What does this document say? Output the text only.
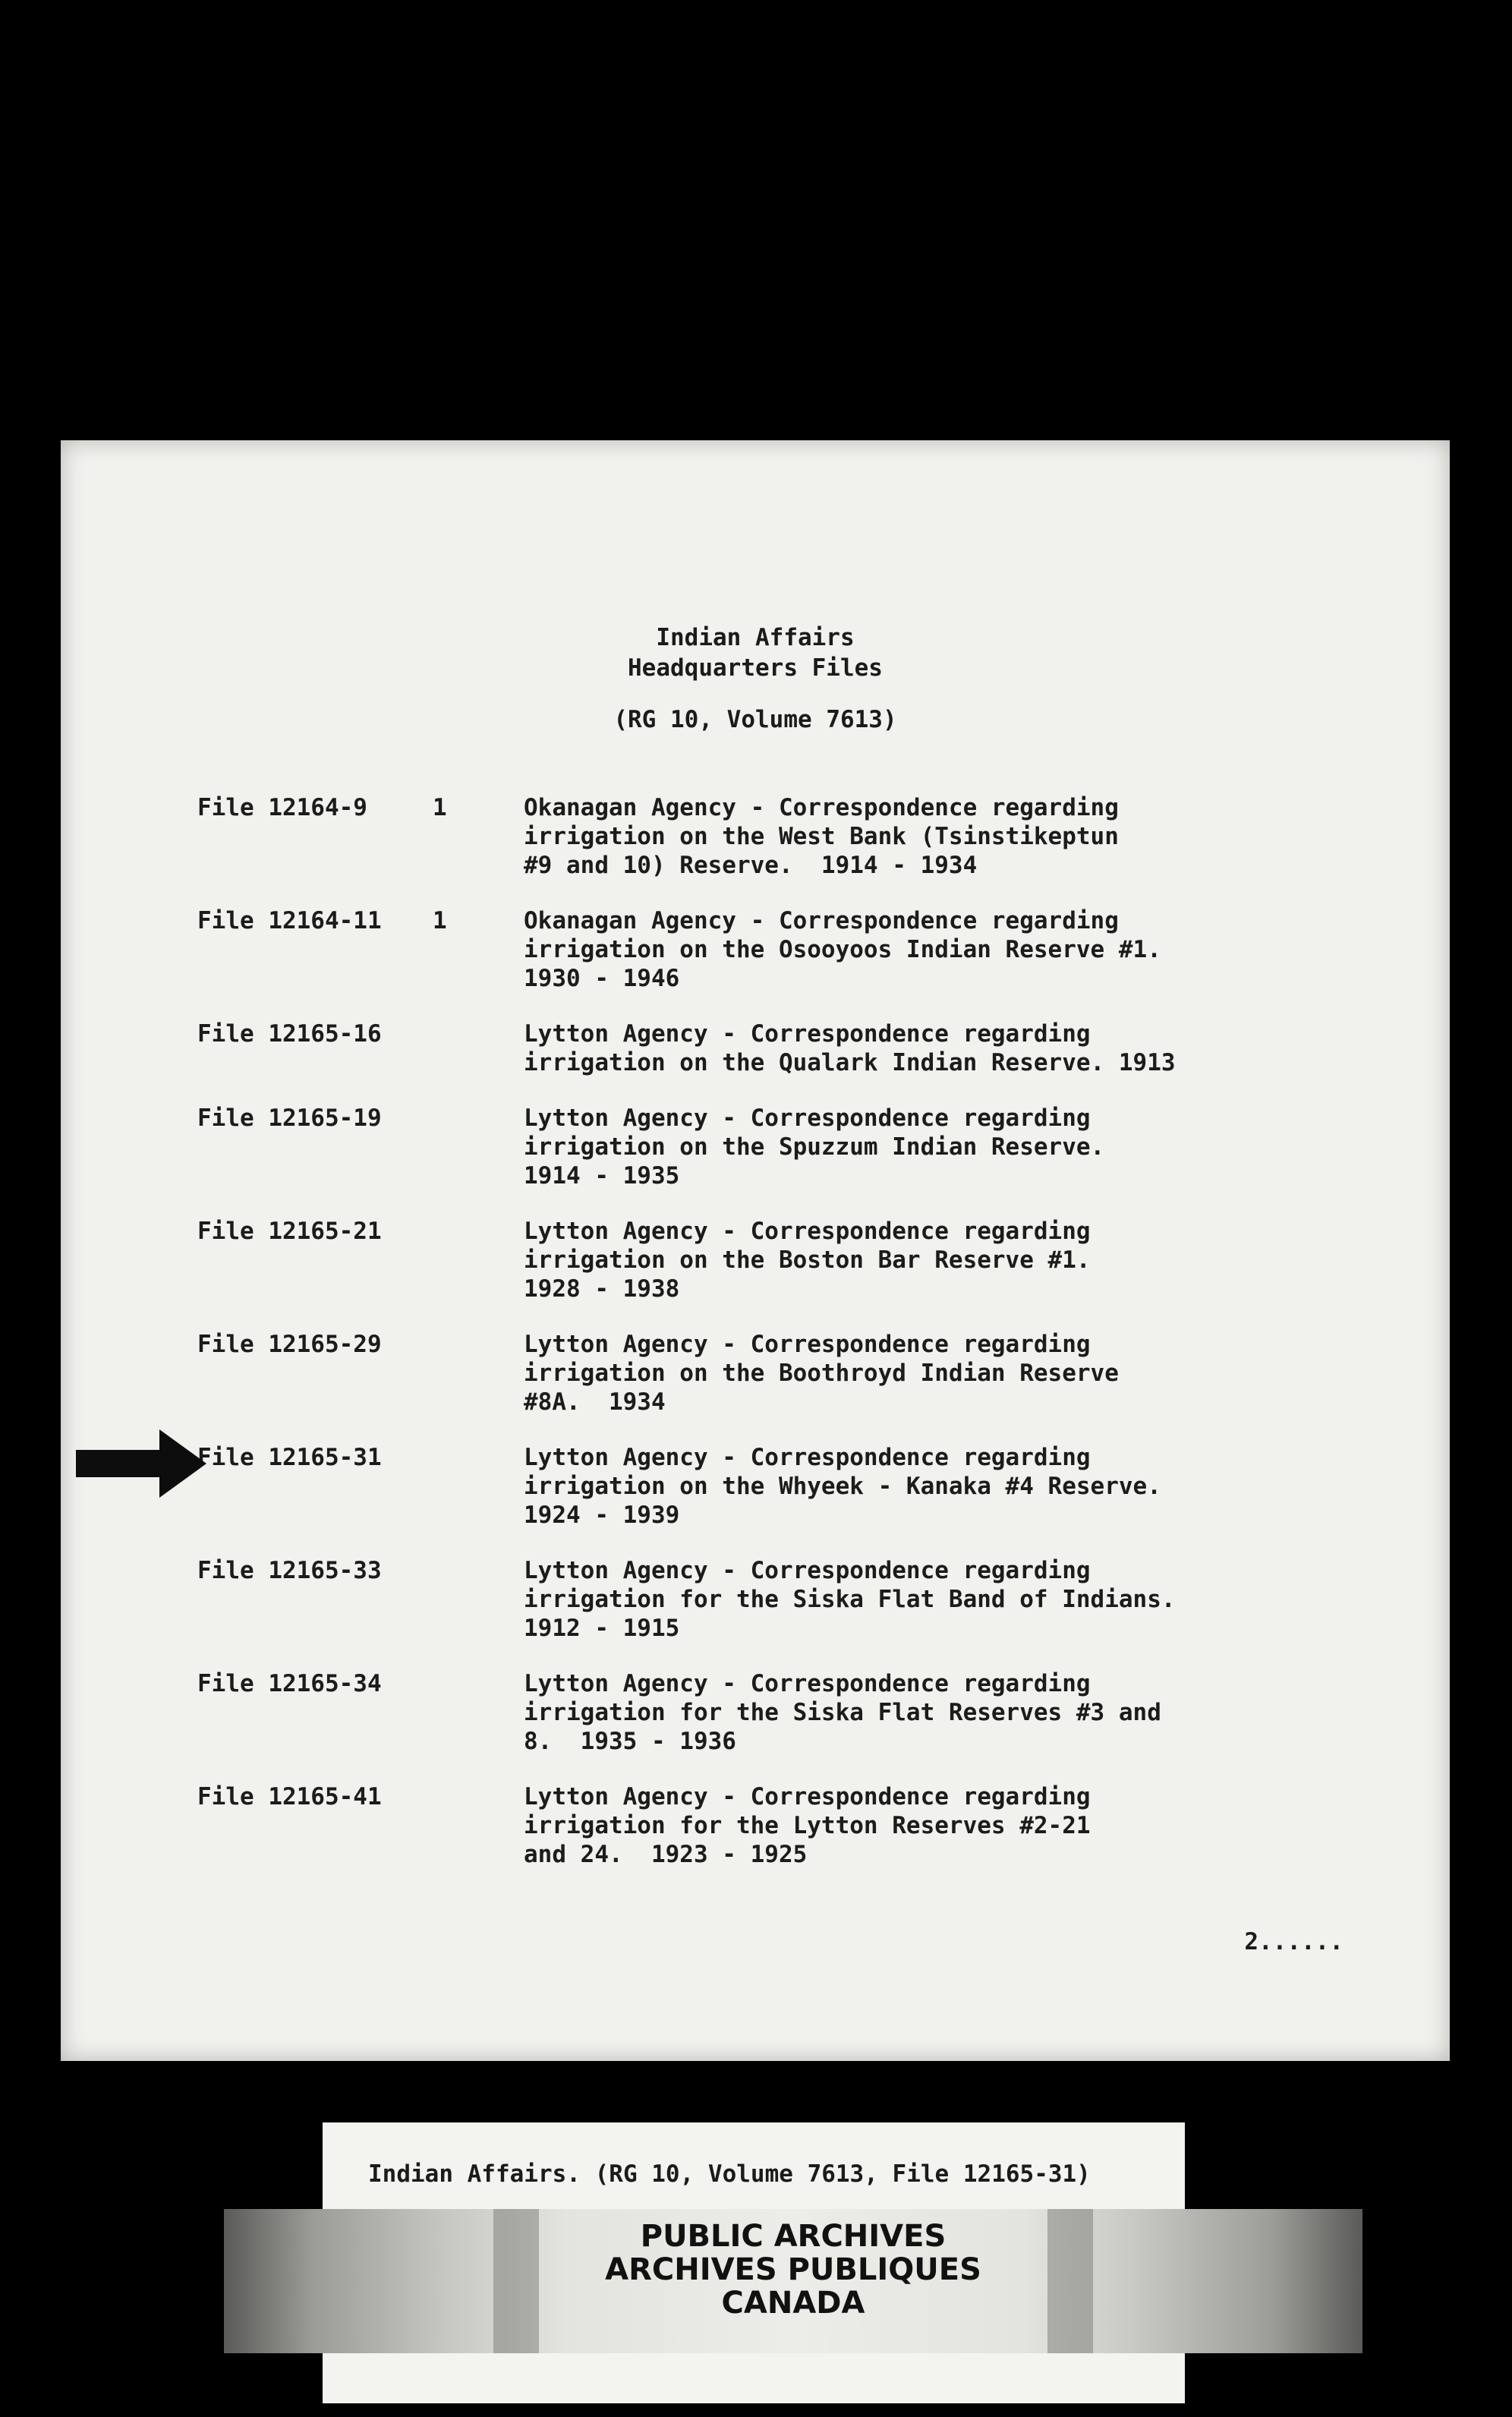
Indian Affairs
Headquarters Files
(RG 10, Volume 7613)
File 12164-9	1	Okanagan Agency - Correspondence regarding
irrigation on the West Bank (Tsinstikeptun
#9 and 10) Reserve.  1914 - 1934
File 12164-11	1	Okanagan Agency - Correspondence regarding
irrigation on the Osooyoos Indian Reserve #1.
1930 - 1946
File 12165-16	Lytton Agency - Correspondence regarding
irrigation on the Qualark Indian Reserve. 1913
File 12165-19	Lytton Agency - Correspondence regarding
irrigation on the Spuzzum Indian Reserve.
1914 - 1935
File 12165-21	Lytton Agency - Correspondence regarding
irrigation on the Boston Bar Reserve #1.
1928 - 1938
File 12165-29	Lytton Agency - Correspondence regarding
irrigation on the Boothroyd Indian Reserve
#8A.  1934
File 12165-31	Lytton Agency - Correspondence regarding
irrigation on the Whyeek - Kanaka #4 Reserve.
1924 - 1939
File 12165-33	Lytton Agency - Correspondence regarding
irrigation for the Siska Flat Band of Indians.
1912 - 1915
File 12165-34	Lytton Agency - Correspondence regarding
irrigation for the Siska Flat Reserves #3 and
8.  1935 - 1936
File 12165-41	Lytton Agency - Correspondence regarding
irrigation for the Lytton Reserves #2-21
and 24.  1923 - 1925
2......
Indian Affairs. (RG 10, Volume 7613, File 12165-31)
PUBLIC ARCHIVES
ARCHIVES PUBLIQUES
CANADA
